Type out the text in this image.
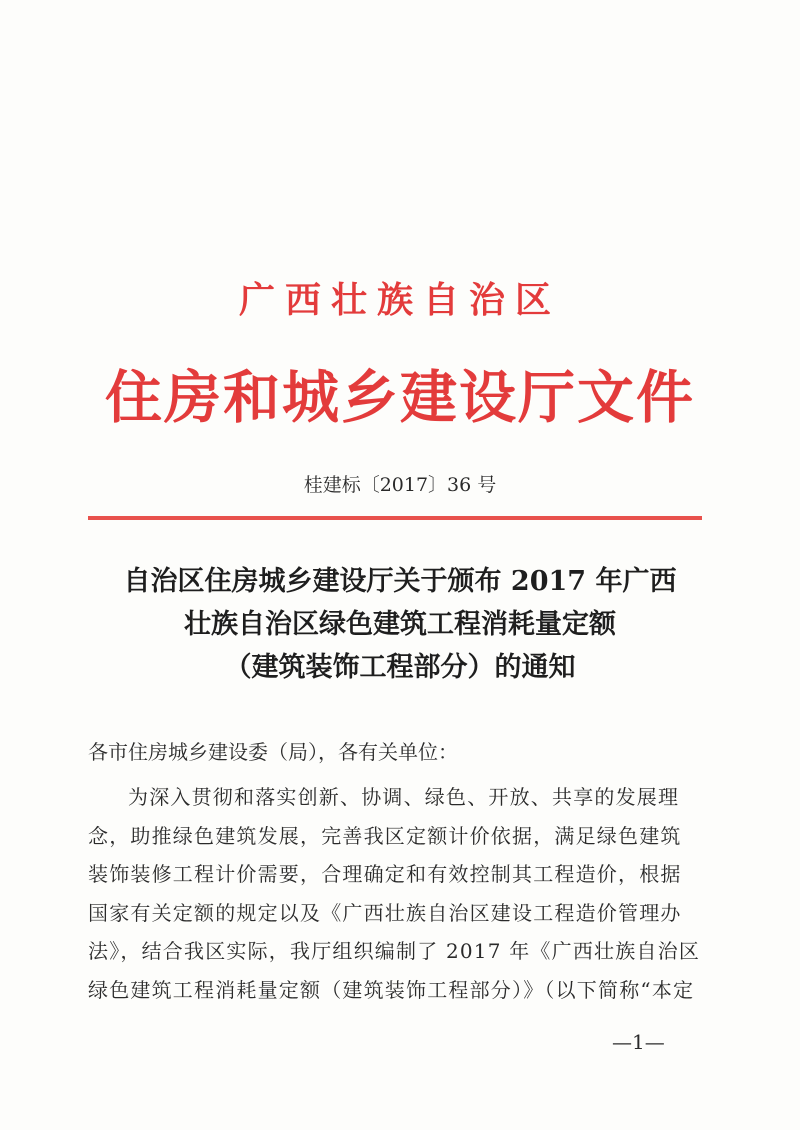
广西壮族自治区
住房和城乡建设厅文件
桂建标〔2017〕36 号
自治区住房城乡建设厅关于颁布 2017 年广西
壮族自治区绿色建筑工程消耗量定额
（建筑装饰工程部分）的通知
各市住房城乡建设委（局），各有关单位：
为深入贯彻和落实创新、协调、绿色、开放、共享的发展理
念，助推绿色建筑发展，完善我区定额计价依据，满足绿色建筑
装饰装修工程计价需要，合理确定和有效控制其工程造价，根据
国家有关定额的规定以及《广西壮族自治区建设工程造价管理办
法》，结合我区实际，我厅组织编制了 2017 年《广西壮族自治区
绿色建筑工程消耗量定额（建筑装饰工程部分）》（以下简称“本定
—1—
